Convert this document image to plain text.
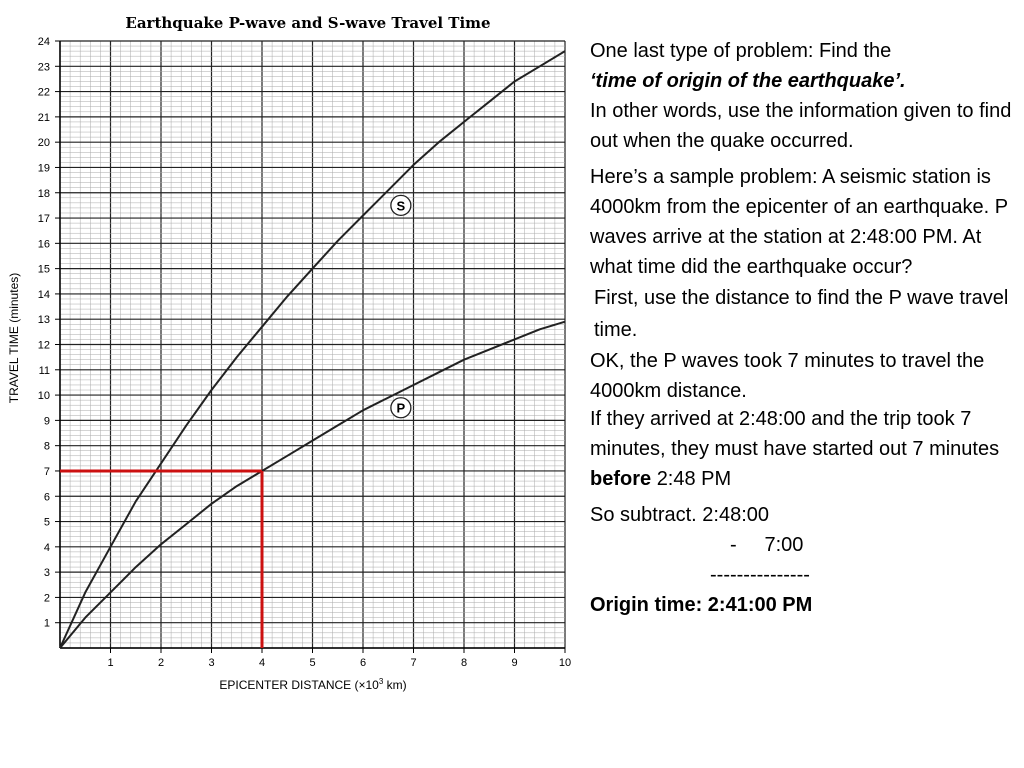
Earthquake P-wave and S-wave Travel Time
1	2	3	4	5	6	7	8	9	10
1
2
3
4
5
6
7
8
9
10
11
12
13
14
15
16
17
18
19
20
21
22
23
24
S
P
EPICENTER DISTANCE ($\times 10^3$ km)
TRAVEL TIME (minutes)

One last type of problem: Find the
‘time of origin of the earthquake’.
In other words, use the information given to find out when the quake occurred.

Here’s a sample problem: A seismic station is 4000km from the epicenter of an earthquake. P waves arrive at the station at 2:48:00 PM. At what time did the earthquake occur?

First, use the distance to find the P wave travel time.

OK, the P waves took 7 minutes to travel the 4000km distance.

If they arrived at 2:48:00 and the trip took 7 minutes, they must have started out 7 minutes before 2:48 PM

So subtract. 2:48:00
-     7:00
---------------
Origin time: 2:41:00 PM
